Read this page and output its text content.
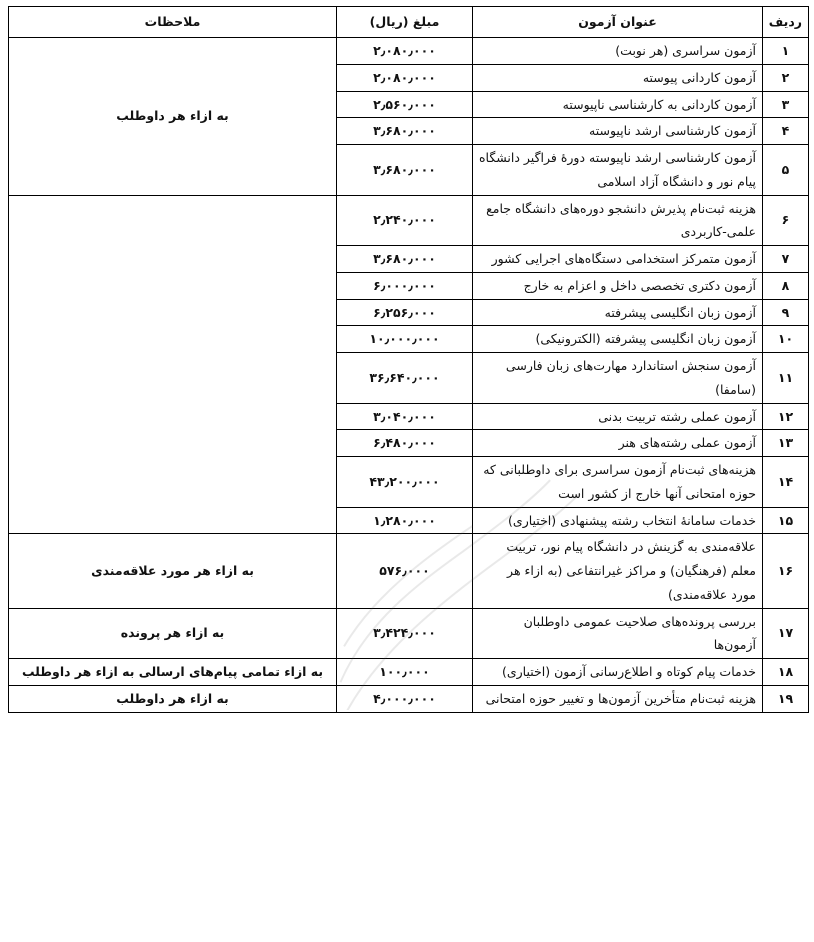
ردیف	عنوان آزمون	مبلغ (ریال)	ملاحظات
۱	آزمون سراسری (هر نوبت)	۲٫۰۸۰٫۰۰۰	به ازاء هر داوطلب
۲	آزمون کاردانی پیوسته	۲٫۰۸۰٫۰۰۰	
۳	آزمون کاردانی به کارشناسی ناپیوسته	۲٫۵۶۰٫۰۰۰	
۴	آزمون کارشناسی ارشد ناپیوسته	۳٫۶۸۰٫۰۰۰	
۵	آزمون کارشناسی ارشد ناپیوسته دورهٔ فراگیر دانشگاه پیام نور و دانشگاه آزاد اسلامی	۳٫۶۸۰٫۰۰۰	
۶	هزینه ثبت‌نام پذیرش دانشجو دوره‌های دانشگاه جامع علمی-کاربردی	۲٫۲۴۰٫۰۰۰	
۷	آزمون متمرکز استخدامی دستگاه‌های اجرایی کشور	۳٫۶۸۰٫۰۰۰	
۸	آزمون دکتری تخصصی داخل و اعزام به خارج	۶٫۰۰۰٫۰۰۰	
۹	آزمون زبان انگلیسی پیشرفته	۶٫۲۵۶٫۰۰۰	
۱۰	آزمون زبان انگلیسی پیشرفته (الکترونیکی)	۱۰٫۰۰۰٫۰۰۰	
۱۱	آزمون سنجش استاندارد مهارت‌های زبان فارسی (سامفا)	۳۶٫۶۴۰٫۰۰۰	
۱۲	آزمون عملی رشته تربیت بدنی	۳٫۰۴۰٫۰۰۰	
۱۳	آزمون عملی رشته‌های هنر	۶٫۴۸۰٫۰۰۰	
۱۴	هزینه‌های ثبت‌نام آزمون سراسری برای داوطلبانی که حوزه امتحانی آنها خارج از کشور است	۴۳٫۲۰۰٫۰۰۰	
۱۵	خدمات سامانهٔ انتخاب رشته پیشنهادی (اختیاری)	۱٫۲۸۰٫۰۰۰	
۱۶	علاقه‌مندی به گزینش در دانشگاه پیام نور، تربیت معلم (فرهنگیان) و مراکز غیرانتفاعی (به ازاء هر مورد علاقه‌مندی)	۵۷۶٫۰۰۰	به ازاء هر مورد علاقه‌مندی
۱۷	بررسی پرونده‌های صلاحیت عمومی داوطلبان آزمون‌ها	۳٫۴۲۴٫۰۰۰	به ازاء هر پرونده
۱۸	خدمات پیام کوتاه و اطلاع‌رسانی آزمون (اختیاری)	۱۰۰٫۰۰۰	به ازاء تمامی پیام‌های ارسالی به ازاء هر داوطلب
۱۹	هزینه ثبت‌نام متأخرین آزمون‌ها و تغییر حوزه امتحانی	۴٫۰۰۰٫۰۰۰	به ازاء هر داوطلب
